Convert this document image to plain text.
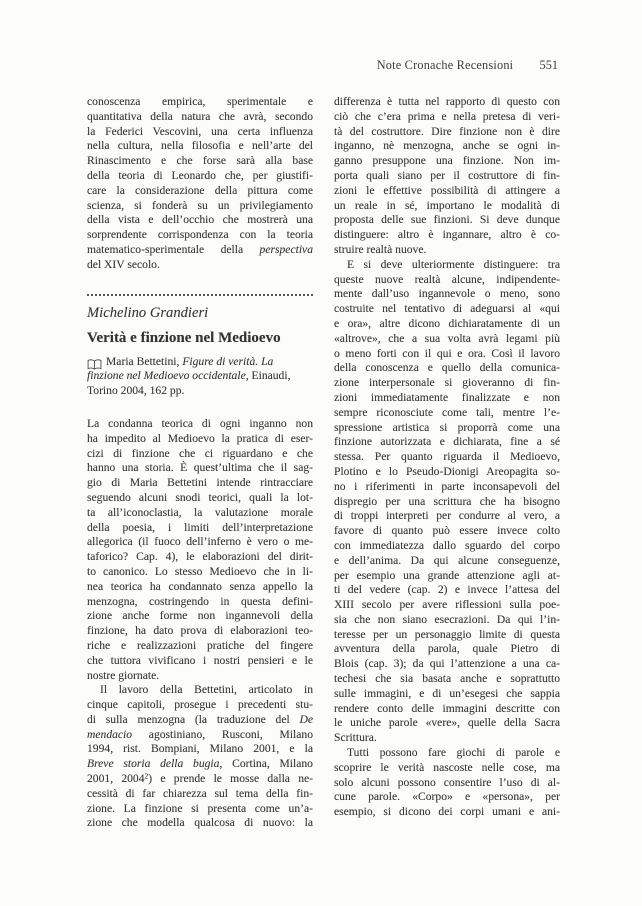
Note Cronache Recensioni	551
conoscenza empirica, sperimentale e
quantitativa della natura che avrà, secondo
la Federici Vescovini, una certa influenza
nella cultura, nella filosofia e nell’arte del
Rinascimento e che forse sarà alla base
della teoria di Leonardo che, per giustifi-
care la considerazione della pittura come
scienza, si fonderà su un privilegiamento
della vista e dell’occhio che mostrerà una
sorprendente corrispondenza con la teoria
matematico-sperimentale della perspectiva
del XIV secolo.
Michelino Grandieri
Verità e finzione nel Medioevo
Maria Bettetini, Figure di verità. La
finzione nel Medioevo occidentale, Einaudi,
Torino 2004, 162 pp.
La condanna teorica di ogni inganno non
ha impedito al Medioevo la pratica di eser-
cizi di finzione che ci riguardano e che
hanno una storia. È quest’ultima che il sag-
gio di Maria Bettetini intende rintracciare
seguendo alcuni snodi teorici, quali la lot-
ta all’iconoclastia, la valutazione morale
della poesia, i limiti dell’interpretazione
allegorica (il fuoco dell’inferno è vero o me-
taforico? Cap. 4), le elaborazioni del dirit-
to canonico. Lo stesso Medioevo che in li-
nea teorica ha condannato senza appello la
menzogna, costringendo in questa defini-
zione anche forme non ingannevoli della
finzione, ha dato prova di elaborazioni teo-
riche e realizzazioni pratiche del fingere
che tuttora vivificano i nostri pensieri e le
nostre giornate.
Il lavoro della Bettetini, articolato in
cinque capitoli, prosegue i precedenti stu-
di sulla menzogna (la traduzione del De
mendacio agostiniano, Rusconi, Milano
1994, rist. Bompiani, Milano 2001, e la
Breve storia della bugia, Cortina, Milano
2001, 2004$^2$) e prende le mosse dalla ne-
cessità di far chiarezza sul tema della fin-
zione. La finzione si presenta come un’a-
zione che modella qualcosa di nuovo: la
differenza è tutta nel rapporto di questo con
ciò che c’era prima e nella pretesa di veri-
tà del costruttore. Dire finzione non è dire
inganno, nè menzogna, anche se ogni in-
ganno presuppone una finzione. Non im-
porta quali siano per il costruttore di fin-
zioni le effettive possibilità di attingere a
un reale in sé, importano le modalità di
proposta delle sue finzioni. Si deve dunque
distinguere: altro è ingannare, altro è co-
struire realtà nuove.
E si deve ulteriormente distinguere: tra
queste nuove realtà alcune, indipendente-
mente dall’uso ingannevole o meno, sono
costruite nel tentativo di adeguarsi al «qui
e ora», altre dicono dichiaratamente di un
«altrove», che a sua volta avrà legami più
o meno forti con il qui e ora. Così il lavoro
della conoscenza e quello della comunica-
zione interpersonale si gioveranno di fin-
zioni immediatamente finalizzate e non
sempre riconosciute come tali, mentre l’e-
spressione artistica si proporrà come una
finzione autorizzata e dichiarata, fine a sé
stessa. Per quanto riguarda il Medioevo,
Plotino e lo Pseudo-Dionigi Areopagita so-
no i riferimenti in parte inconsapevoli del
dispregio per una scrittura che ha bisogno
di troppi interpreti per condurre al vero, a
favore di quanto può essere invece colto
con immediatezza dallo sguardo del corpo
e dell’anima. Da qui alcune conseguenze,
per esempio una grande attenzione agli at-
ti del vedere (cap. 2) e invece l’attesa del
XIII secolo per avere riflessioni sulla poe-
sia che non siano esecrazioni. Da qui l’in-
teresse per un personaggio limite di questa
avventura della parola, quale Pietro di
Blois (cap. 3); da qui l’attenzione a una ca-
techesi che sia basata anche e soprattutto
sulle immagini, e di un’esegesi che sappia
rendere conto delle immagini descritte con
le uniche parole «vere», quelle della Sacra
Scrittura.
Tutti possono fare giochi di parole e
scoprire le verità nascoste nelle cose, ma
solo alcuni possono consentire l’uso di al-
cune parole. «Corpo» e «persona», per
esempio, si dicono dei corpi umani e ani-
